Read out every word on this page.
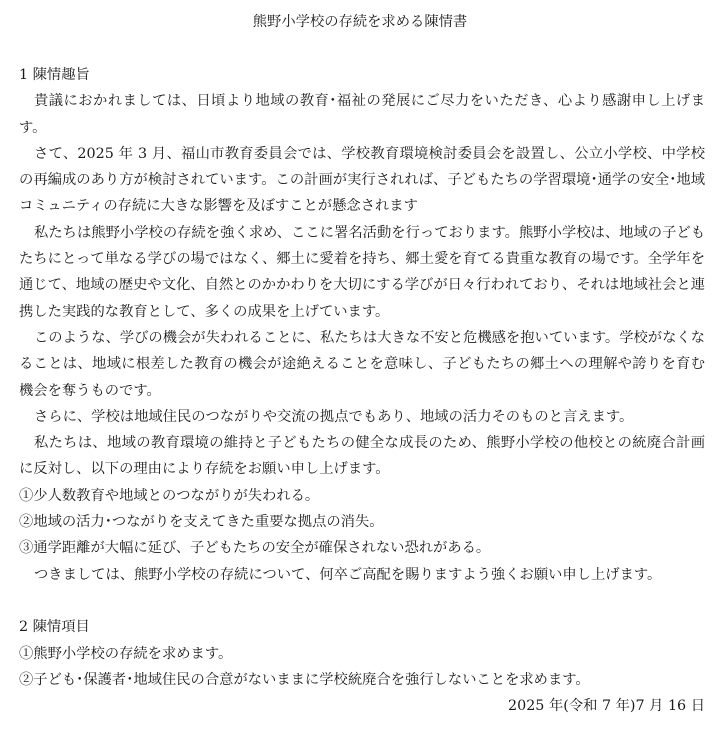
熊野小学校の存続を求める陳情書

1 陳情趣旨

貴議におかれましては、日頃より地域の教育･福祉の発展にご尽力をいただき、心より感謝申し上げます。

さて、2025 年 3 月、福山市教育委員会では、学校教育環境検討委員会を設置し、公立小学校、中学校の再編成のあり方が検討されています。この計画が実行されれば、子どもたちの学習環境･通学の安全･地域コミュニティの存続に大きな影響を及ぼすことが懸念されます

私たちは熊野小学校の存続を強く求め、ここに署名活動を行っております。熊野小学校は、地域の子どもたちにとって単なる学びの場ではなく、郷土に愛着を持ち、郷土愛を育てる貴重な教育の場です。全学年を通じて、地域の歴史や文化、自然とのかかわりを大切にする学びが日々行われており、それは地域社会と連携した実践的な教育として、多くの成果を上げています。

このような、学びの機会が失われることに、私たちは大きな不安と危機感を抱いています。学校がなくなることは、地域に根差した教育の機会が途絶えることを意味し、子どもたちの郷土への理解や誇りを育む機会を奪うものです。

さらに、学校は地域住民のつながりや交流の拠点でもあり、地域の活力そのものと言えます。

私たちは、地域の教育環境の維持と子どもたちの健全な成長のため、熊野小学校の他校との統廃合計画に反対し、以下の理由により存続をお願い申し上げます。

①少人数教育や地域とのつながりが失われる。

②地域の活力･つながりを支えてきた重要な拠点の消失。

③通学距離が大幅に延び、子どもたちの安全が確保されない恐れがある。

つきましては、熊野小学校の存続について、何卒ご高配を賜りますよう強くお願い申し上げます。

2 陳情項目

①熊野小学校の存続を求めます。

②子ども･保護者･地域住民の合意がないままに学校統廃合を強行しないことを求めます。

2025 年(令和 7 年)7 月 16 日
